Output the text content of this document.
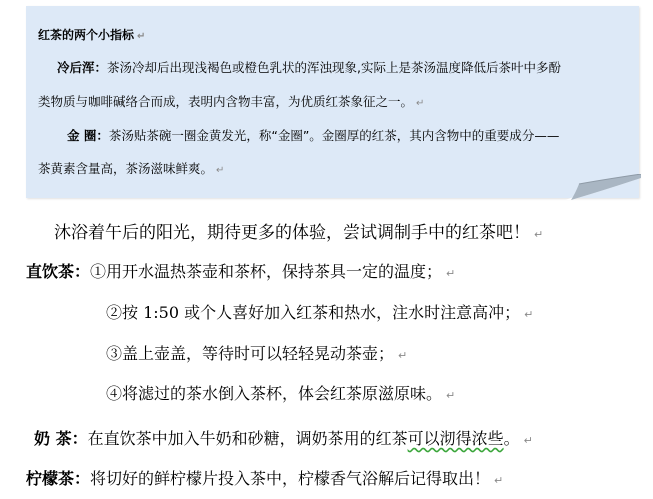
红茶的两个小指标 ↵

冷后浑：茶汤冷却后出现浅褐色或橙色乳状的浑浊现象,实际上是茶汤温度降低后茶叶中多酚

类物质与咖啡碱络合而成，表明内含物丰富，为优质红茶象征之一。 ↵

金 圈：茶汤贴茶碗一圈金黄发光，称“金圈”。金圈厚的红茶，其内含物中的重要成分——

茶黄素含量高，茶汤滋味鲜爽。 ↵

沐浴着午后的阳光，期待更多的体验，尝试调制手中的红茶吧！ ↵

直饮茶：①用开水温热茶壶和茶杯，保持茶具一定的温度； ↵

②按 1:50 或个人喜好加入红茶和热水，注水时注意高冲； ↵

③盖上壶盖，等待时可以轻轻晃动茶壶； ↵

④将滤过的茶水倒入茶杯，体会红茶原滋原味。 ↵

奶 茶：在直饮茶中加入牛奶和砂糖，调奶茶用的红茶可以沏得浓些。 ↵

柠檬茶：将切好的鲜柠檬片投入茶中，柠檬香气浴解后记得取出！ ↵
